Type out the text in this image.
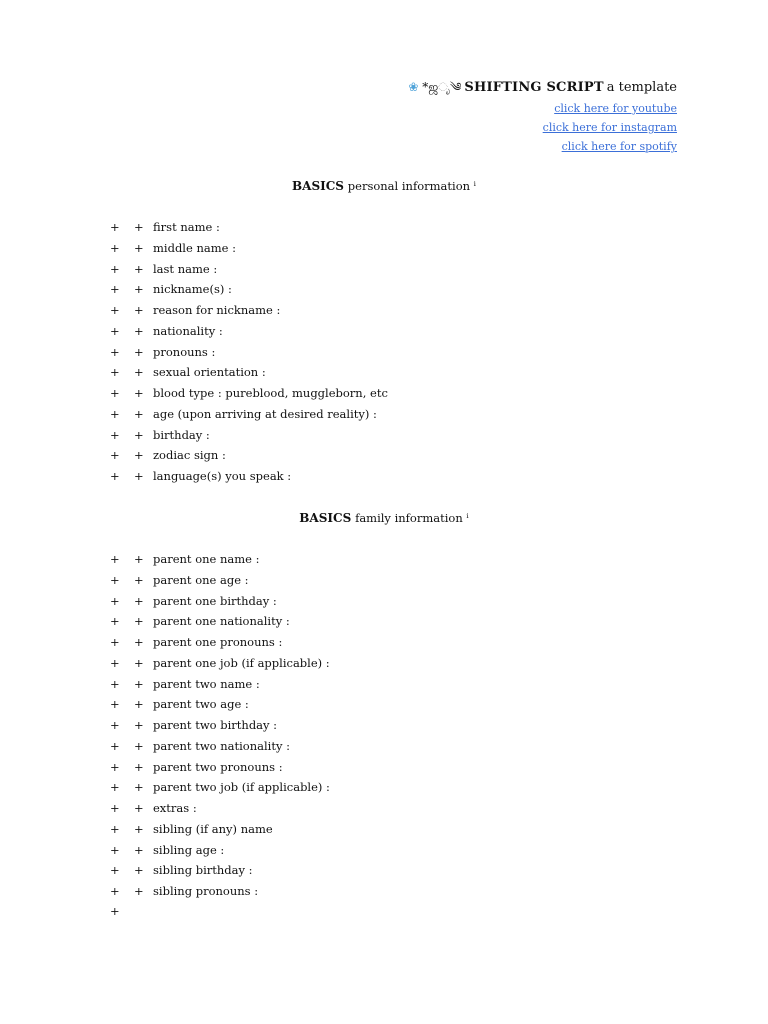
❀ *ஜೃ༄ SHIFTING SCRIPT a template
click here for youtube
click here for instagram
click here for spotify
BASICS personal information ⁱ
+ + first name :
+ + middle name :
+ + last name :
+ + nickname(s) :
+ + reason for nickname :
+ + nationality :
+ + pronouns :
+ + sexual orientation :
+ + blood type : pureblood, muggleborn, etc
+ + age (upon arriving at desired reality) :
+ + birthday :
+ + zodiac sign :
+ + language(s) you speak :
BASICS family information ⁱ
+ + parent one name :
+ + parent one age :
+ + parent one birthday :
+ + parent one nationality :
+ + parent one pronouns :
+ + parent one job (if applicable) :
+ + parent two name :
+ + parent two age :
+ + parent two birthday :
+ + parent two nationality :
+ + parent two pronouns :
+ + parent two job (if applicable) :
+ + extras :
+ + sibling (if any) name
+ + sibling age :
+ + sibling birthday :
+ + sibling pronouns :
+
